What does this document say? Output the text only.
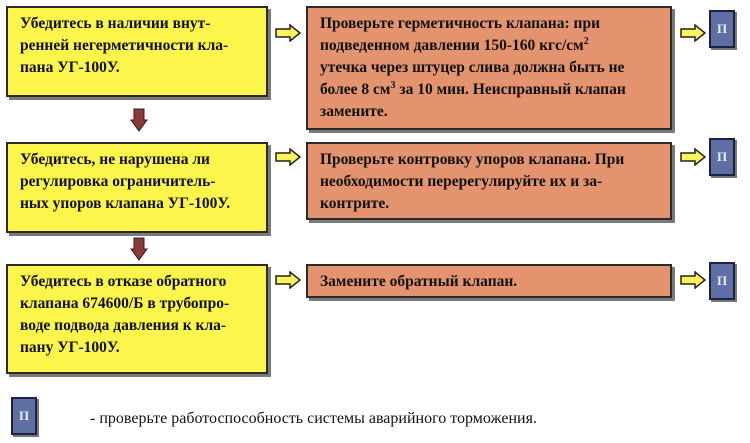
Убедитесь в наличии внут-
ренней негерметичности кла-
пана УГ-100У.
Проверьте герметичность клапана: при
подведенном давлении 150-160 кгс/$см^2$
утечка через штуцер слива должна быть не
более 8 $см^3$ за 10 мин. Неисправный клапан
замените.
П
Убедитесь, не нарушена ли
регулировка ограничитель-
ных упоров клапана УГ-100У.
Проверьте контровку упоров клапана. При
необходимости перерегулируйте их и за-
контрите.
П
Убедитесь в отказе обратного
клапана 674600/Б в трубопро-
воде подвода давления к кла-
пану УГ-100У.
Замените обратный клапан.	П
П	- проверьте работоспособность системы аварийного торможения.
